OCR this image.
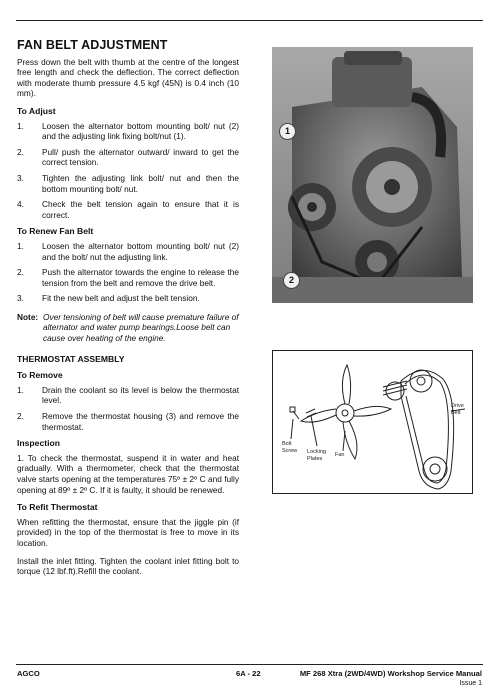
FAN BELT ADJUSTMENT

Press down the belt with thumb at the centre of the longest free length and check the deflection. The correct deflection with moderate thumb pressure 4.5 kgf (45N) is 0.4 inch (10 mm).

To Adjust
1.	Loosen the alternator bottom mounting bolt/ nut (2) and the adjusting link fixing bolt/nut (1).
2.	Pull/ push the alternator outward/ inward to get the correct tension.
3.	Tighten the adjusting link bolt/ nut and then the bottom mounting bolt/ nut.
4.	Check the belt tension again to ensure that it is correct.
To Renew Fan Belt
1.	Loosen the alternator bottom mounting bolt/ nut (2) and the bolt/ nut the adjusting link.
2.	Push the alternator towards the engine to release the tension from the belt and remove the drive belt.
3.	Fit the new belt and adjust the belt tension.
Note: Over tensioning of belt will cause premature failure of alternator and water pump bearings.Loose belt can cause over heating of the engine.
THERMOSTAT ASSEMBLY
To Remove
1.	Drain the coolant so its level is below the thermostat level.
2.	Remove the thermostat housing (3) and remove the thermostat.
Inspection

1. To check the thermostat, suspend it in water and heat gradually. With a thermometer, check that the thermostat valve starts opening at the temperatures 75º ± 2º C and fully opening at 89º ± 2º C. If it is faulty, it should be renewed.

To Refit Thermostat

When refitting the thermostat, ensure that the jiggle pin (if provided) in the top of the thermostat is free to move in its location.

Install the inlet fitting. Tighten the coolant inlet fitting bolt to torque (12 lbf.ft).Refill the coolant.

1
2
Drive
Belt
Bolt
Screw Locking
Plates
Fan
AGCO	6A - 22	MF 268 Xtra (2WD/4WD) Workshop Service Manual
Issue 1
